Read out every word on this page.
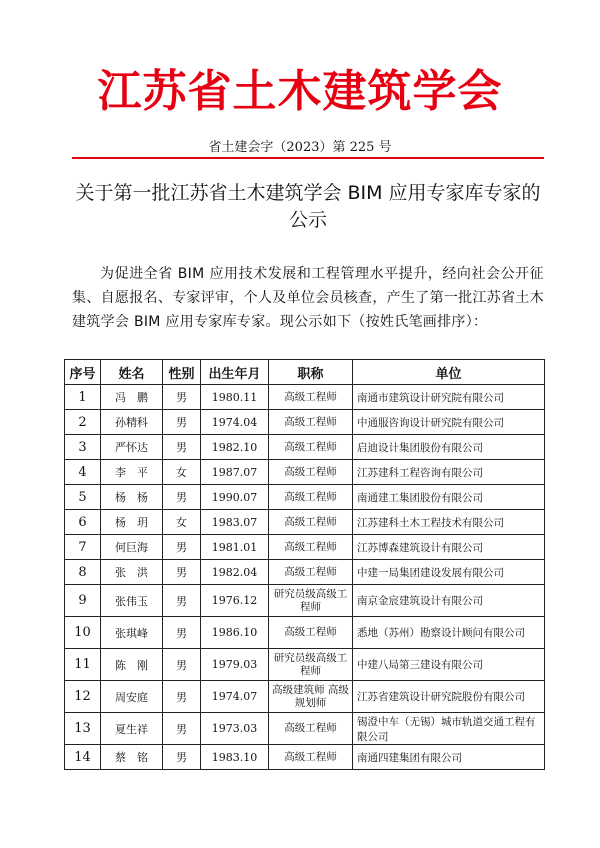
江苏省土木建筑学会
省土建会字（2023）第 225 号
关于第一批江苏省土木建筑学会 BIM 应用专家库专家的公示

为促进全省 BIM 应用技术发展和工程管理水平提升，经向社会公开征集、自愿报名、专家评审，个人及单位会员核查，产生了第一批江苏省土木建筑学会 BIM 应用专家库专家。现公示如下（按姓氏笔画排序）：

序号	姓名	性别	出生年月	职称	单位
1	冯　鹏	男	1980.11	高级工程师	南通市建筑设计研究院有限公司
2	孙精科	男	1974.04	高级工程师	中通服咨询设计研究院有限公司
3	严怀达	男	1982.10	高级工程师	启迪设计集团股份有限公司
4	李　平	女	1987.07	高级工程师	江苏建科工程咨询有限公司
5	杨　杨	男	1990.07	高级工程师	南通建工集团股份有限公司
6	杨　玥	女	1983.07	高级工程师	江苏建科土木工程技术有限公司
7	何巨海	男	1981.01	高级工程师	江苏博森建筑设计有限公司
8	张　洪	男	1982.04	高级工程师	中建一局集团建设发展有限公司
9	张伟玉	男	1976.12	研究员级高级工程师	南京金宸建筑设计有限公司
10	张琪峰	男	1986.10	高级工程师	悉地（苏州）勘察设计顾问有限公司
11	陈　刚	男	1979.03	研究员级高级工程师	中建八局第三建设有限公司
12	周安庭	男	1974.07	高级建筑师 高级规划师	江苏省建筑设计研究院股份有限公司
13	夏生祥	男	1973.03	高级工程师	锡澄中车（无锡）城市轨道交通工程有限公司
14	蔡　铭	男	1983.10	高级工程师	南通四建集团有限公司
